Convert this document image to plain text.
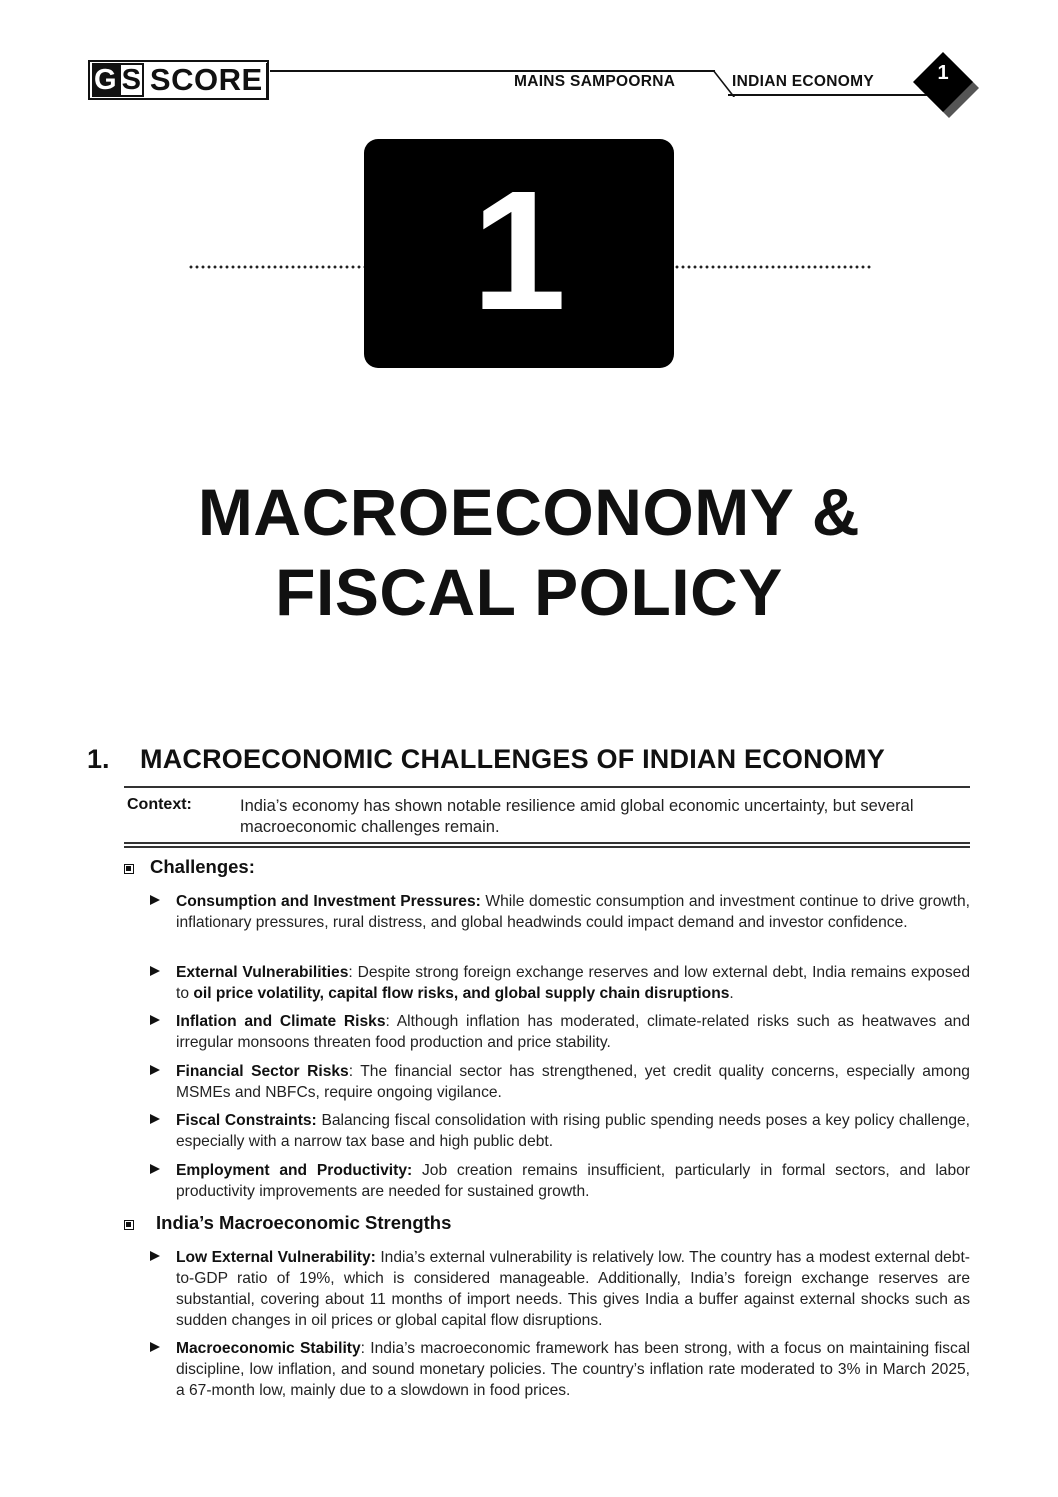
G S SCORE	MAINS SAMPOORNA	INDIAN ECONOMY	1
1
MACROECONOMY &
FISCAL POLICY
1. MACROECONOMIC CHALLENGES OF INDIAN ECONOMY
Context:	India’s economy has shown notable resilience amid global economic uncertainty, but several macroeconomic challenges remain.
Challenges:
Consumption and Investment Pressures: While domestic consumption and investment continue to drive growth, inflationary pressures, rural distress, and global headwinds could impact demand and investor confidence.
External Vulnerabilities: Despite strong foreign exchange reserves and low external debt, India remains exposed to oil price volatility, capital flow risks, and global supply chain disruptions.
Inflation and Climate Risks: Although inflation has moderated, climate-related risks such as heatwaves and irregular monsoons threaten food production and price stability.
Financial Sector Risks: The financial sector has strengthened, yet credit quality concerns, especially among MSMEs and NBFCs, require ongoing vigilance.
Fiscal Constraints: Balancing fiscal consolidation with rising public spending needs poses a key policy challenge, especially with a narrow tax base and high public debt.
Employment and Productivity: Job creation remains insufficient, particularly in formal sectors, and labor productivity improvements are needed for sustained growth.
India’s Macroeconomic Strengths
Low External Vulnerability: India’s external vulnerability is relatively low. The country has a modest external debt-to-GDP ratio of 19%, which is considered manageable. Additionally, India’s foreign exchange reserves are substantial, covering about 11 months of import needs. This gives India a buffer against external shocks such as sudden changes in oil prices or global capital flow disruptions.
Macroeconomic Stability: India’s macroeconomic framework has been strong, with a focus on maintaining fiscal discipline, low inflation, and sound monetary policies. The country’s inflation rate moderated to 3% in March 2025, a 67-month low, mainly due to a slowdown in food prices.
